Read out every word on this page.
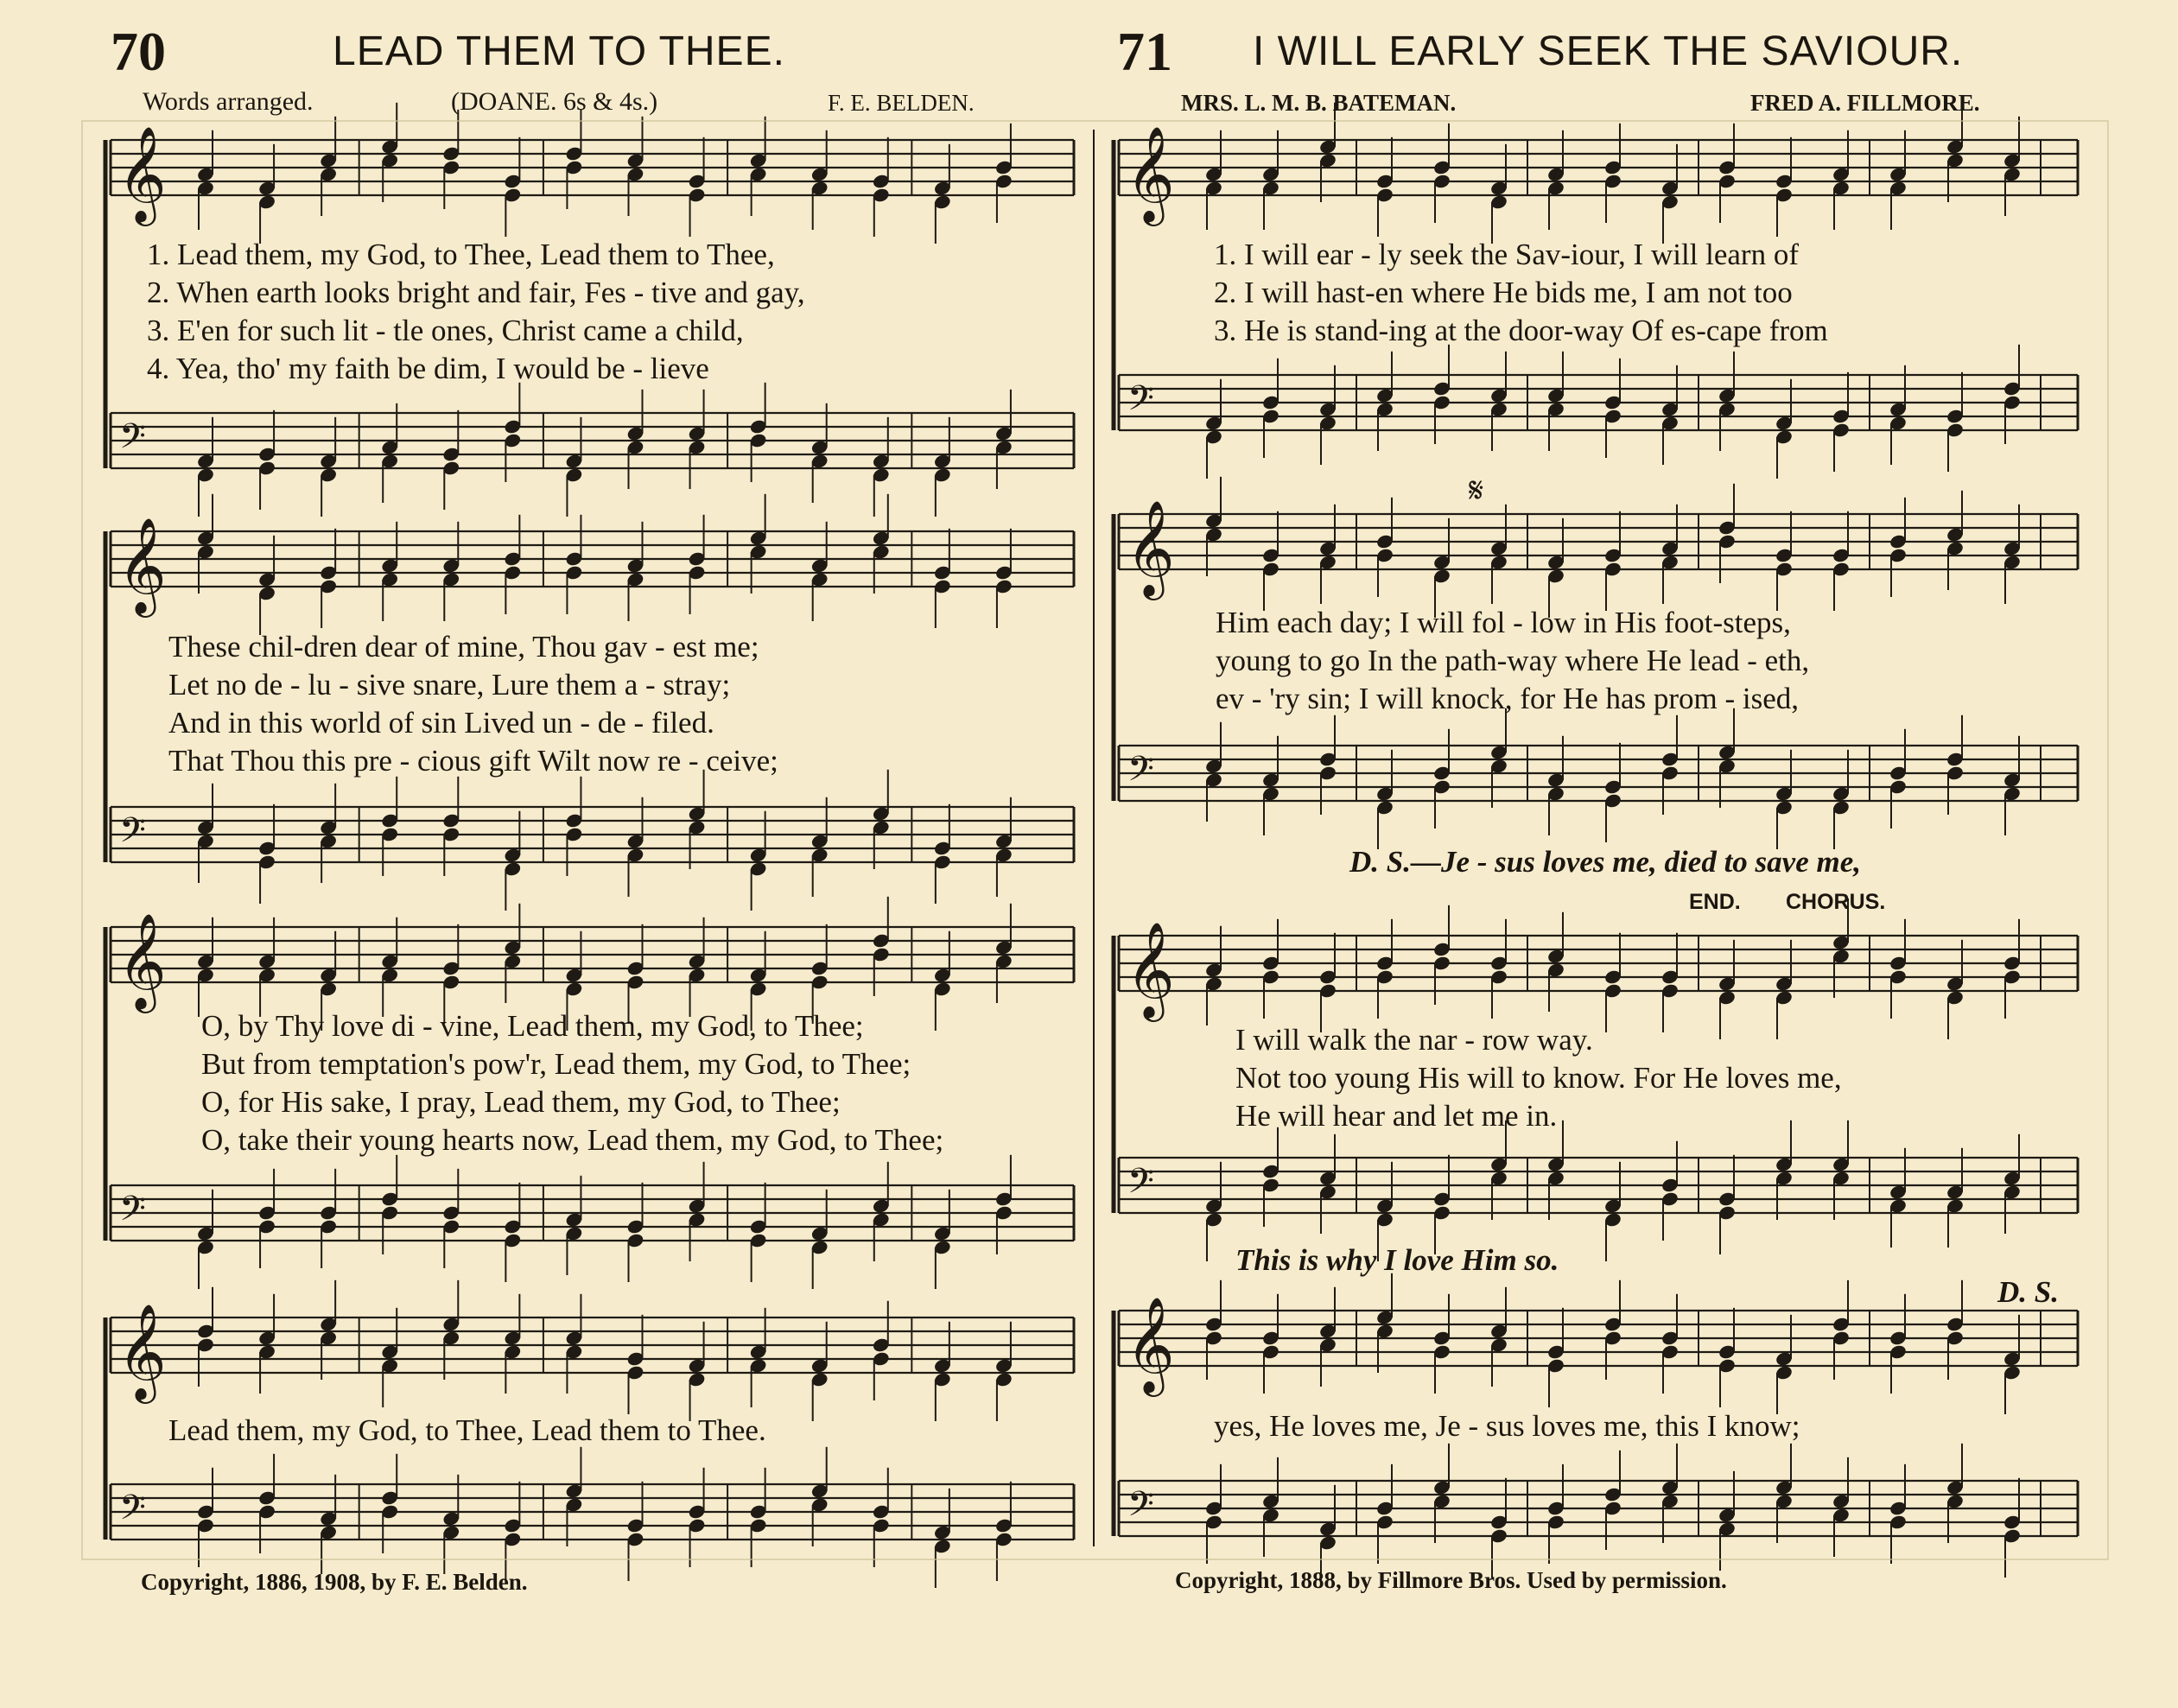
𝄞
𝄢
𝄞
𝄢
𝄞
𝄢
𝄞
𝄢
𝄞
𝄢
𝄞
𝄢
𝄞
𝄢
𝄞
𝄢
70	LEAD THEM TO THEE.
Words arranged.	(DOANE. 6s & 4s.)	F. E. BELDEN.
1. Lead them, my God, to Thee, Lead them to Thee,
2. When earth looks bright and fair, Fes - tive and gay,
3. E'en for such lit - tle ones, Christ came a child,
4. Yea, tho' my faith be dim, I would be - lieve
These chil-dren dear of mine, Thou gav - est me;
Let no de - lu - sive snare, Lure them a - stray;
And in this world of sin Lived un - de - filed.
That Thou this pre - cious gift Wilt now re - ceive;
O, by Thy love di - vine, Lead them, my God, to Thee;
But from temptation's pow'r, Lead them, my God, to Thee;
O, for His sake, I pray, Lead them, my God, to Thee;
O, take their young hearts now, Lead them, my God, to Thee;
Lead them, my God, to Thee, Lead them to Thee.
Copyright, 1886, 1908, by F. E. Belden.
71 I WILL EARLY SEEK THE SAVIOUR.
MRS. L. M. B. BATEMAN.	FRED A. FILLMORE.
1. I will ear - ly seek the Sav-iour, I will learn of
2. I will hast-en where He bids me, I am not too
3. He is stand-ing at the door-way Of es-cape from
𝄋
Him each day; I will fol - low in His foot-steps,
young to go In the path-way where He lead - eth,
ev - 'ry sin; I will knock, for He has prom - ised,
D. S.—Je - sus loves me, died to save me,
END. CHORUS.
I will walk the nar - row way.
Not too young His will to know. For He loves me,
He will hear and let me in.
This is why I love Him so.
D. S.
yes, He loves me, Je - sus loves me, this I know;
Copyright, 1888, by Fillmore Bros. Used by permission.
